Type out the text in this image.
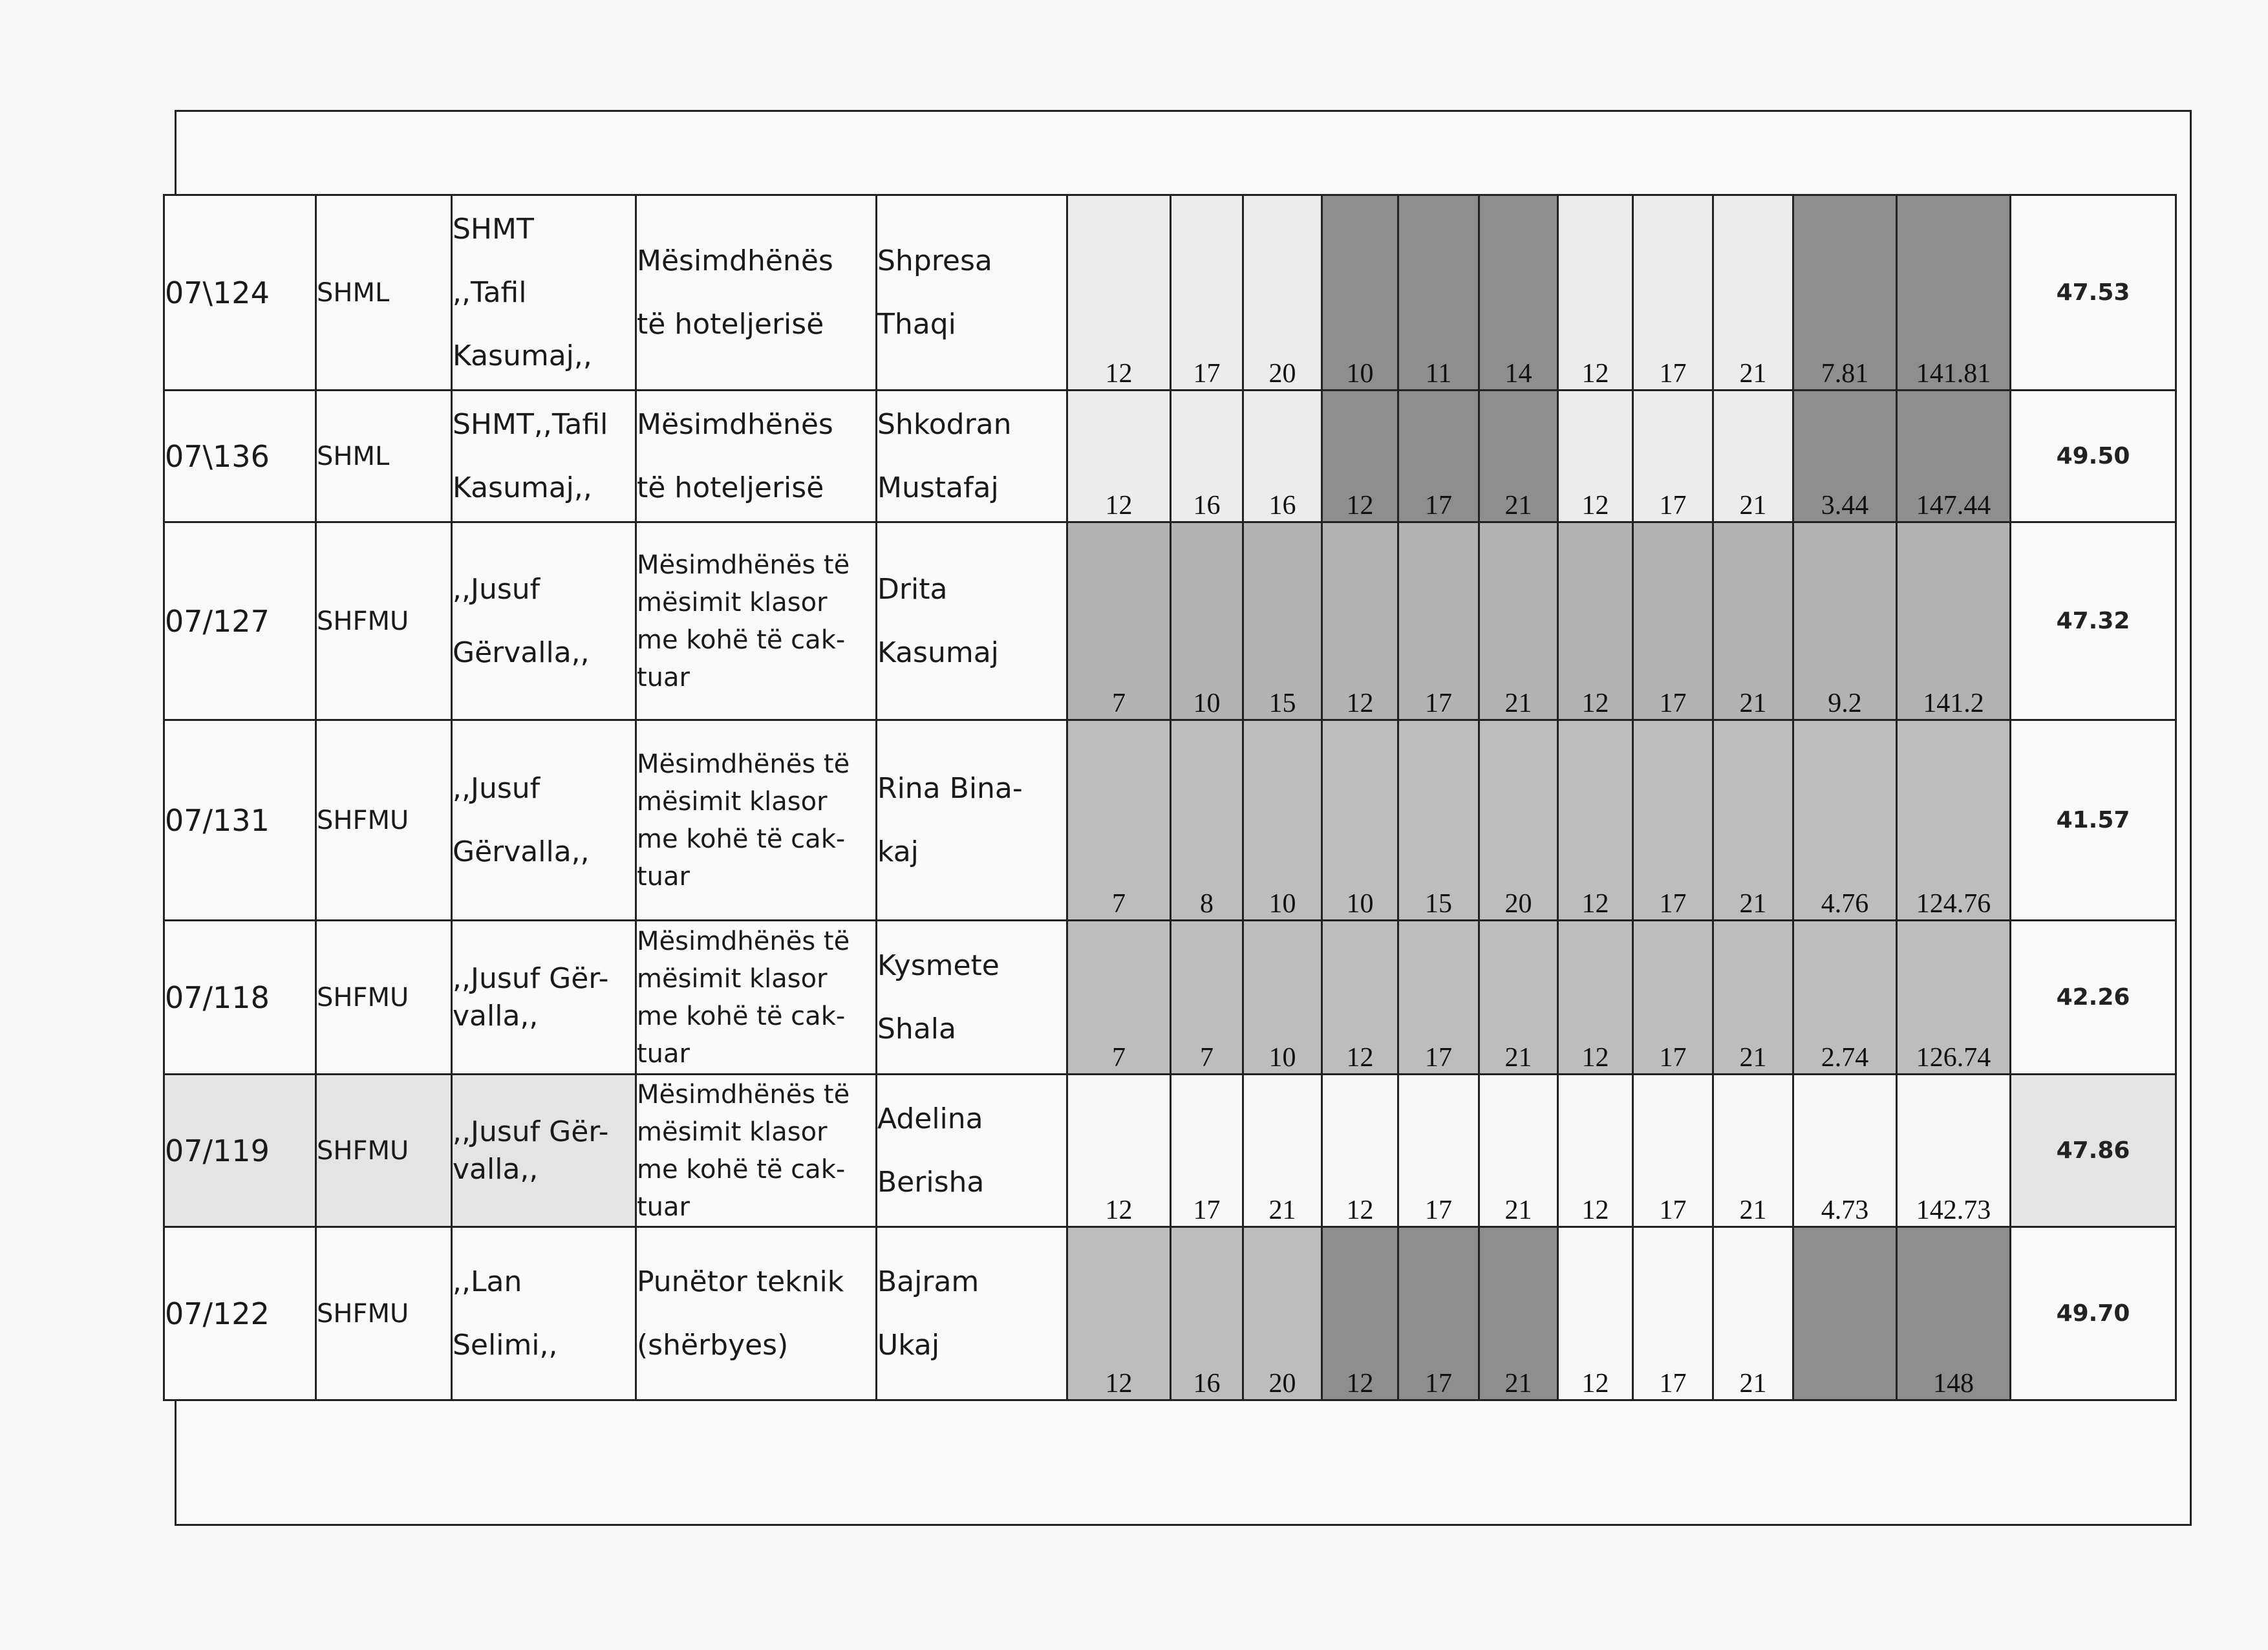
07\124	SHML	SHMT
,,Tafil
Kasumaj,,	Mësimdhënës
të hoteljerisë	Shpresa
Thaqi	12	17	20	10	11	14	12	17	21	7.81	141.81	47.53
07\136	SHML	SHMT,,Tafil
Kasumaj,,	Mësimdhënës
të hoteljerisë	Shkodran
Mustafaj	12	16	16	12	17	21	12	17	21	3.44	147.44	49.50
07/127	SHFMU	,,Jusuf
Gërvalla,,	Mësimdhënës të
mësimit klasor
me kohë të cak-
tuar	Drita
Kasumaj	7	10	15	12	17	21	12	17	21	9.2	141.2	47.32
07/131	SHFMU	,,Jusuf
Gërvalla,,	Mësimdhënës të
mësimit klasor
me kohë të cak-
tuar	Rina Bina-
kaj	7	8	10	10	15	20	12	17	21	4.76	124.76	41.57
07/118	SHFMU	,,Jusuf Gër-
valla,,	Mësimdhënës të
mësimit klasor
me kohë të cak-
tuar	Kysmete
Shala	7	7	10	12	17	21	12	17	21	2.74	126.74	42.26
07/119	SHFMU	,,Jusuf Gër-
valla,,	Mësimdhënës të
mësimit klasor
me kohë të cak-
tuar	Adelina
Berisha	12	17	21	12	17	21	12	17	21	4.73	142.73	47.86
07/122	SHFMU	,,Lan
Selimi,,	Punëtor teknik
(shërbyes)	Bajram
Ukaj	12	16	20	12	17	21	12	17	21		148	49.70
